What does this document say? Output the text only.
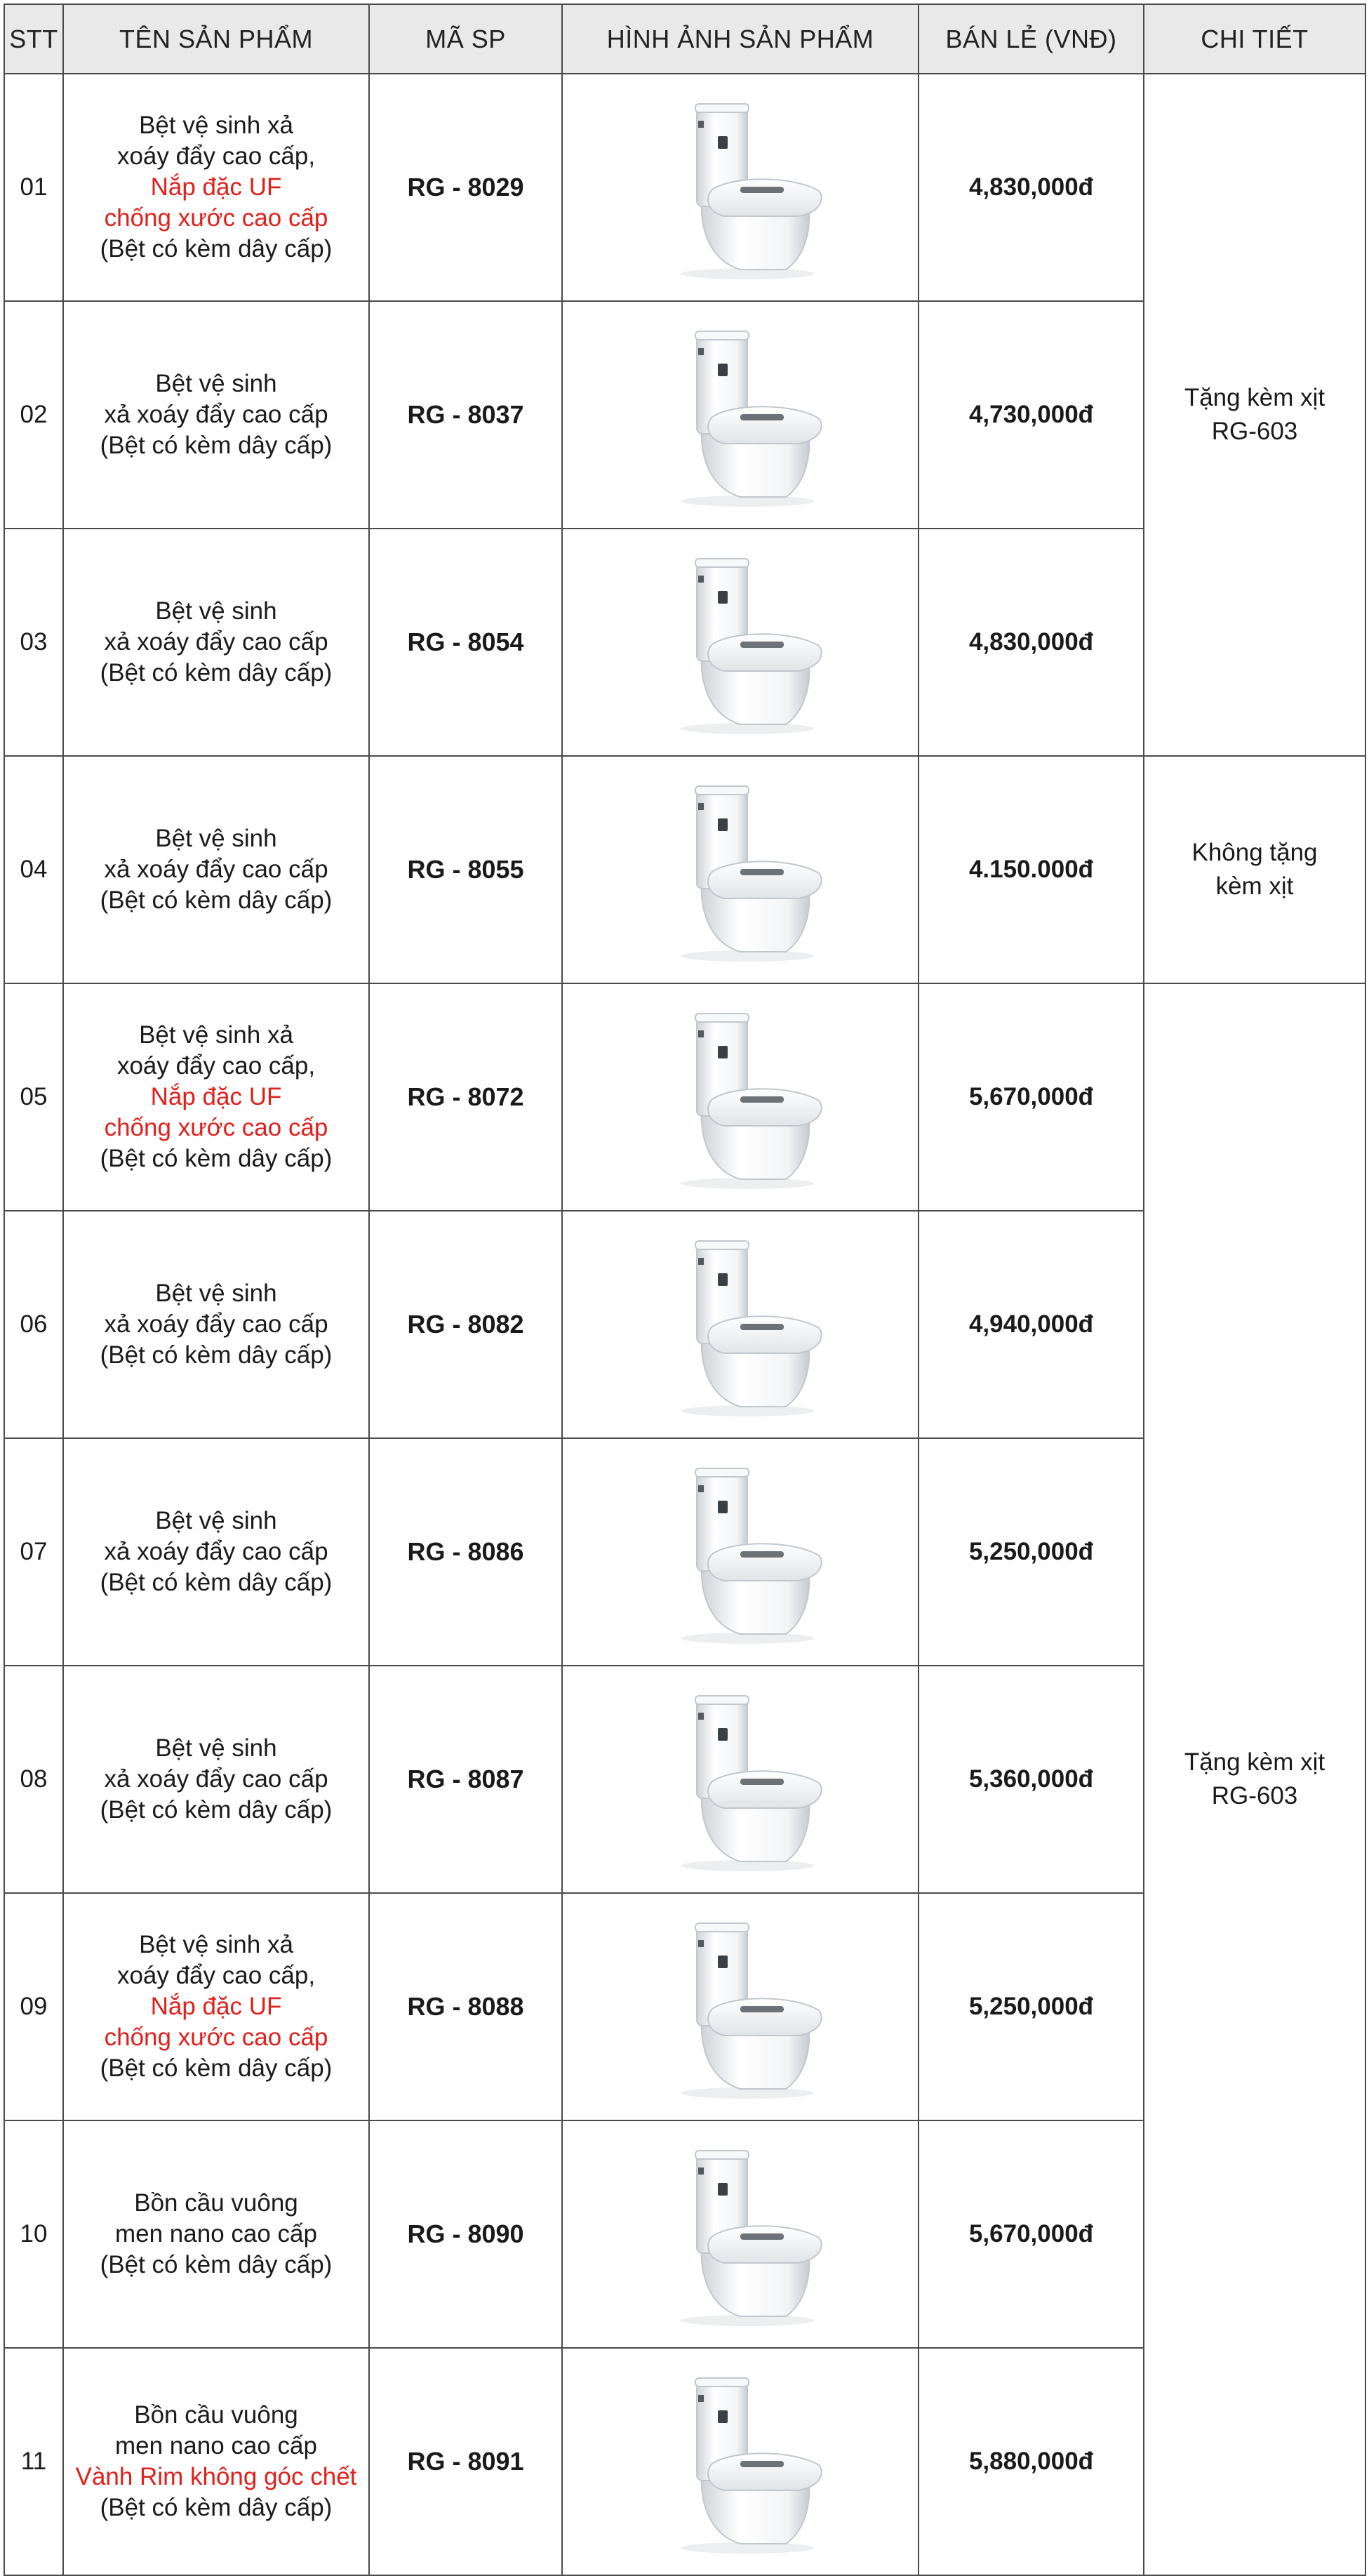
STT	TÊN SẢN PHẨM	MÃ SP	HÌNH ẢNH SẢN PHẨM	BÁN LẺ (VNĐ)	CHI TIẾT
01	Bệt vệ sinh xả
xoáy đẩy cao cấp,
Nắp đặc UF
chống xước cao cấp
(Bệt có kèm dây cấp)	RG - 8029		4,830,000đ	Tặng kèm xịt
RG-603

02	Bệt vệ sinh
xả xoáy đẩy cao cấp
(Bệt có kèm dây cấp)	RG - 8037		4,730,000đ	
03	Bệt vệ sinh
xả xoáy đẩy cao cấp
(Bệt có kèm dây cấp)	RG - 8054		4,830,000đ	
04	Bệt vệ sinh
xả xoáy đẩy cao cấp
(Bệt có kèm dây cấp)	RG - 8055		4.150.000đ	Không tặng
kèm xịt

05	Bệt vệ sinh xả
xoáy đẩy cao cấp,
Nắp đặc UF
chống xước cao cấp
(Bệt có kèm dây cấp)	RG - 8072		5,670,000đ	Tặng kèm xịt
RG-603

06	Bệt vệ sinh
xả xoáy đẩy cao cấp
(Bệt có kèm dây cấp)	RG - 8082		4,940,000đ	
07	Bệt vệ sinh
xả xoáy đẩy cao cấp
(Bệt có kèm dây cấp)	RG - 8086		5,250,000đ	
08	Bệt vệ sinh
xả xoáy đẩy cao cấp
(Bệt có kèm dây cấp)	RG - 8087		5,360,000đ	
09	Bệt vệ sinh xả
xoáy đẩy cao cấp,
Nắp đặc UF
chống xước cao cấp
(Bệt có kèm dây cấp)	RG - 8088		5,250,000đ	
10	Bồn cầu vuông
men nano cao cấp
(Bệt có kèm dây cấp)	RG - 8090		5,670,000đ	
11	Bồn cầu vuông
men nano cao cấp
Vành Rim không góc chết
(Bệt có kèm dây cấp)	RG - 8091		5,880,000đ	
